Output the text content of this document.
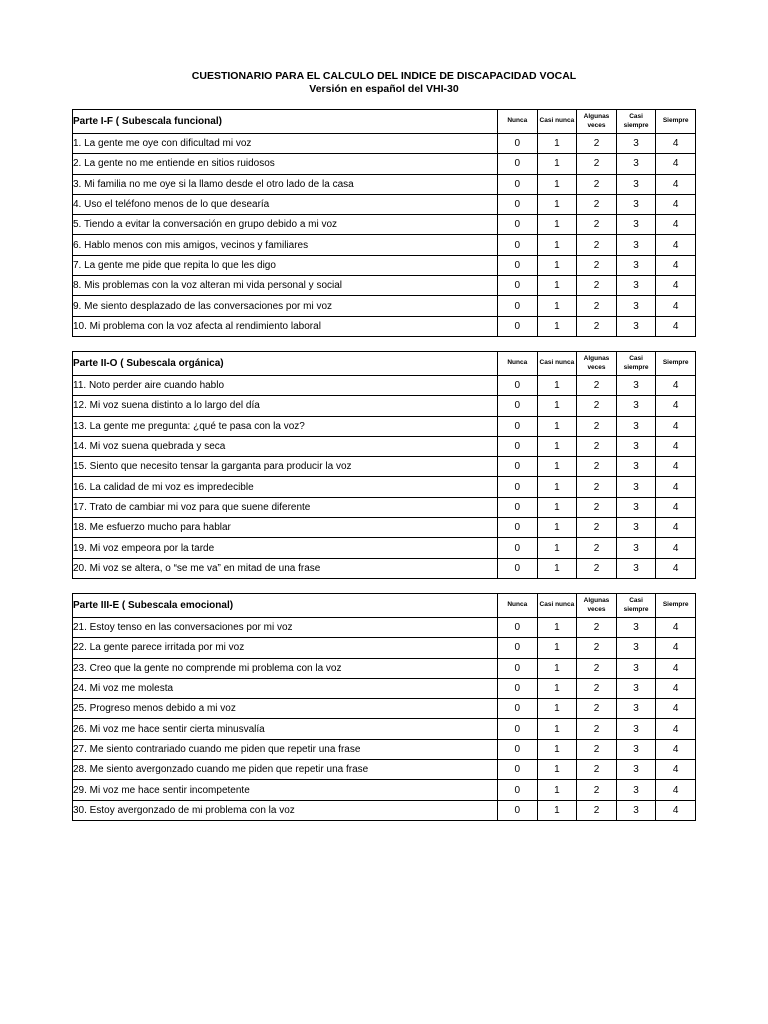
CUESTIONARIO PARA EL CALCULO DEL INDICE DE DISCAPACIDAD VOCAL
Versión en español del VHI-30
Parte I-F ( Subescala funcional)	Nunca	Casi nunca	Algunas veces	Casi siempre	Siempre
1. La gente me oye con dificultad mi voz	0	1	2	3	4
2. La gente no me entiende en sitios ruidosos	0	1	2	3	4
3. Mi familia no me oye si la llamo desde el otro lado de la casa	0	1	2	3	4
4. Uso el teléfono menos de lo que desearía	0	1	2	3	4
5. Tiendo a evitar la conversación en grupo debido a mi voz	0	1	2	3	4
6. Hablo menos con mis amigos, vecinos y familiares	0	1	2	3	4
7. La gente me pide que repita lo que les digo	0	1	2	3	4
8. Mis problemas con la voz alteran mi vida personal y social	0	1	2	3	4
9. Me siento desplazado de las conversaciones por mi voz	0	1	2	3	4
10. Mi problema con la voz afecta al rendimiento laboral	0	1	2	3	4
Parte II-O ( Subescala orgánica)	Nunca	Casi nunca	Algunas veces	Casi siempre	Siempre
11. Noto perder aire cuando hablo	0	1	2	3	4
12. Mi voz suena distinto a lo largo del día	0	1	2	3	4
13. La gente me pregunta: ¿qué te pasa con la voz?	0	1	2	3	4
14. Mi voz suena quebrada y seca	0	1	2	3	4
15. Siento que necesito tensar la garganta para producir la voz	0	1	2	3	4
16. La calidad de mi voz es impredecible	0	1	2	3	4
17. Trato de cambiar mi voz para que suene diferente	0	1	2	3	4
18. Me esfuerzo mucho para hablar	0	1	2	3	4
19. Mi voz empeora por la tarde	0	1	2	3	4
20. Mi voz se altera, o “se me va” en mitad de una frase	0	1	2	3	4
Parte III-E ( Subescala emocional)	Nunca	Casi nunca	Algunas veces	Casi siempre	Siempre
21. Estoy tenso en las conversaciones por mi voz	0	1	2	3	4
22. La gente parece irritada por mi voz	0	1	2	3	4
23. Creo que la gente no comprende mi problema con la voz	0	1	2	3	4
24. Mi voz me molesta	0	1	2	3	4
25. Progreso menos debido a mi voz	0	1	2	3	4
26. Mi voz me hace sentir cierta minusvalía	0	1	2	3	4
27. Me siento contrariado cuando me piden que repetir una frase	0	1	2	3	4
28. Me siento avergonzado cuando me piden que repetir una frase	0	1	2	3	4
29. Mi voz me hace sentir incompetente	0	1	2	3	4
30. Estoy avergonzado de mi problema con la voz	0	1	2	3	4
